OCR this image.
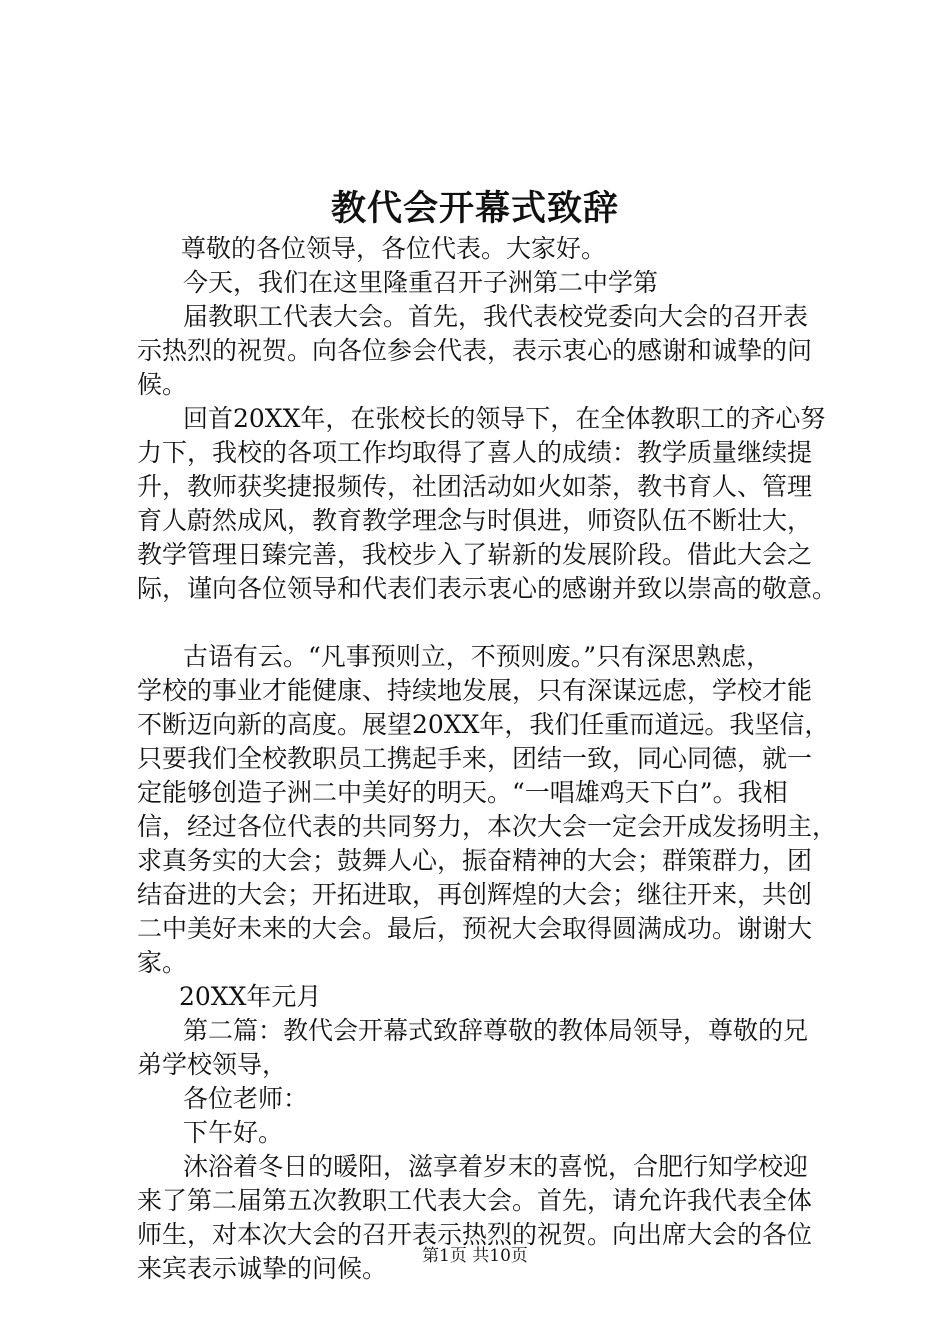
教代会开幕式致辞

尊敬的各位领导，各位代表。大家好。

今天，我们在这里隆重召开子洲第二中学第

届教职工代表大会。首先，我代表校党委向大会的召开表
示热烈的祝贺。向各位参会代表，表示衷心的感谢和诚挚的问
候。

回首20XX年，在张校长的领导下，在全体教职工的齐心努
力下，我校的各项工作均取得了喜人的成绩：教学质量继续提
升，教师获奖捷报频传，社团活动如火如荼，教书育人、管理
育人蔚然成风，教育教学理念与时俱进，师资队伍不断壮大，
教学管理日臻完善，我校步入了崭新的发展阶段。借此大会之
际，谨向各位领导和代表们表示衷心的感谢并致以崇高的敬意。

古语有云。“凡事预则立，不预则废。”只有深思熟虑，
学校的事业才能健康、持续地发展，只有深谋远虑，学校才能
不断迈向新的高度。展望20XX年，我们任重而道远。我坚信，
只要我们全校教职员工携起手来，团结一致，同心同德，就一
定能够创造子洲二中美好的明天。“一唱雄鸡天下白”。我相
信，经过各位代表的共同努力，本次大会一定会开成发扬明主，
求真务实的大会；鼓舞人心，振奋精神的大会；群策群力，团
结奋进的大会；开拓进取，再创辉煌的大会；继往开来，共创
二中美好未来的大会。最后，预祝大会取得圆满成功。谢谢大
家。

20XX年元月

第二篇：教代会开幕式致辞尊敬的教体局领导，尊敬的兄
弟学校领导，

各位老师：

下午好。

沐浴着冬日的暖阳，滋享着岁末的喜悦，合肥行知学校迎
来了第二届第五次教职工代表大会。首先，请允许我代表全体
师生，对本次大会的召开表示热烈的祝贺。向出席大会的各位
来宾表示诚挚的问候。	第1页 共10页
